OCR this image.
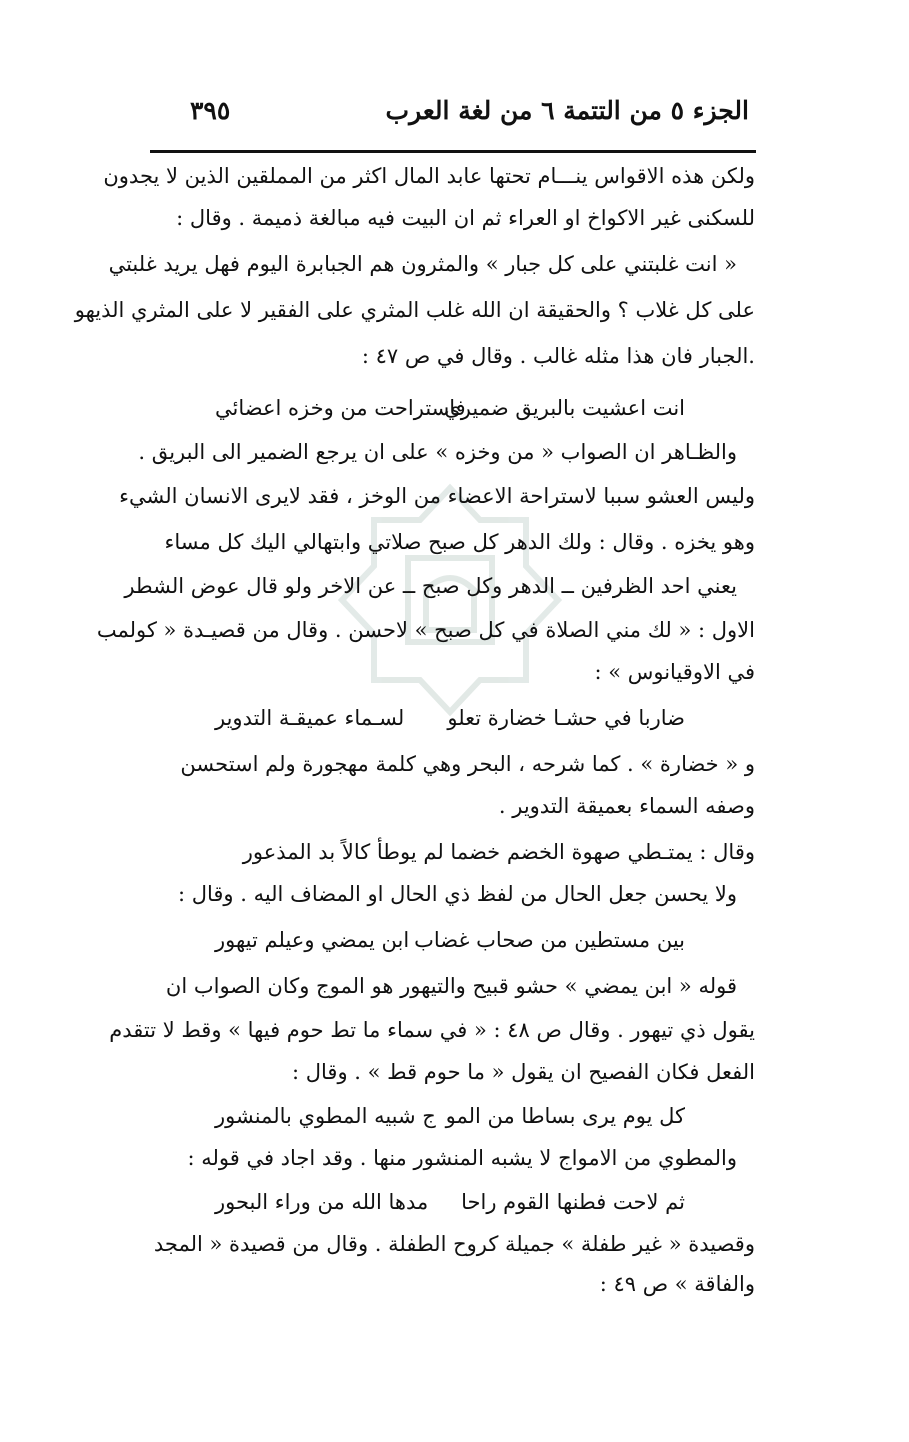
الجزء ٥ من التتمة ٦ من لغة العرب
٣٩٥
ولكن هذه الاقواس ينـــام تحتها عابد المال اكثر من المملقين الذين لا يجدون
للسكنى غير الاكواخ او العراء ثم ان البيت فيه مبالغة ذميمة . وقال :
« انت غلبتني على كل جبار » والمثرون هم الجبابرة اليوم فهل يريد غلبتي
على كل غلاب ؟ والحقيقة ان الله غلب المثري على الفقير لا على المثري الذيهو
.الجبار فان هذا مثله غالب . وقال في ص ٤٧ :
انت اعشيت بالبريق ضميري
فاستراحت من وخزه اعضائي
والظـاهر ان الصواب « من وخزه » على ان يرجع الضمير الى البريق .
وليس العشو سببا لاستراحة الاعضاء من الوخز ، فقد لايرى الانسان الشيء
وهو يخزه . وقال : ولك الدهر كل صبح صلاتي وابتهالي اليك كل مساء
يعني احد الظرفين ــ الدهر وكل صبح ــ عن الاخر ولو قال عوض الشطر
الاول : « لك مني الصلاة في كل صبح » لاحسن . وقال من قصيـدة « كولمب
في الاوقيانوس » :
ضاربا في حشـا خضارة تعلو
لسـماء عميقـة التدوير
و « خضارة » . كما شرحه ، البحر وهي كلمة مهجورة ولم استحسن
وصفه السماء بعميقة التدوير .
وقال : يمتـطي صهوة الخضم خضما لم يوطأ كالاً بد المذعور
ولا يحسن جعل الحال من لفظ ذي الحال او المضاف اليه . وقال :
بين مستطين من صحاب غضاب
ابن يمضي وعيلم تيهور
قوله « ابن يمضي » حشو قبيح والتيهور هو الموج وكان الصواب ان
يقول ذي تيهور . وقال ص ٤٨ : « في سماء ما تط حوم فيها » وقط لا تتقدم
الفعل فكان الفصيح ان يقول « ما حوم قط » . وقال :
كل يوم يرى بساطا من المو
ج شبيه المطوي بالمنشور
والمطوي من الامواج لا يشبه المنشور منها . وقد اجاد في قوله :
ثم لاحت فطنها القوم راحا
مدها الله من وراء البحور
وقصيدة « غير طفلة » جميلة كروح الطفلة . وقال من قصيدة « المجد
والفاقة » ص ٤٩ :
